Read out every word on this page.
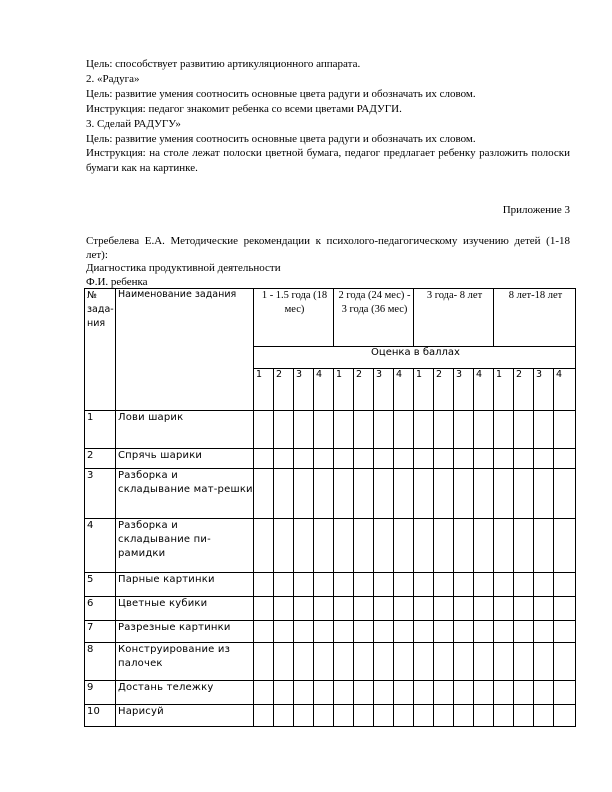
Цель: способствует развитию артикуляционного аппарата.
2. «Радуга»
Цель: развитие умения соотносить основные цвета радуги и обозначать их словом.
Инструкция: педагог знакомит ребенка со всеми цветами РАДУГИ.
3. Сделай РАДУГУ»
Цель: развитие умения соотносить основные цвета радуги и обозначать их словом.
Инструкция: на столе лежат полоски цветной бумага, педагог предлагает ребенку разложить полоски бумаги как на картинке.
Приложение 3
Стребелева Е.А. Методические рекомендации к психолого-педагогическому изучению детей (1-18 лет):
Диагностика продуктивной деятельности
Ф.И. ребенка
№ зада-ния	Наименование задания	1 - 1.5 года (18 мес)				2 года (24 мес) - 3 года (36 мес)				3 года- 8 лет				8 лет-18 лет			
		Оценка в баллах															
		1	2	3	4	1	2	3	4	1	2	3	4	1	2	3	4
1	Лови шарик																
2	Спрячь шарики																
3	Разборка и складывание мат-решки																
4	Разборка и складывание пи-рамидки																
5	Парные картинки																
6	Цветные кубики																
7	Разрезные картинки																
8	Конструирование из палочек																
9	Достань тележку																
10	Нарисуй																
